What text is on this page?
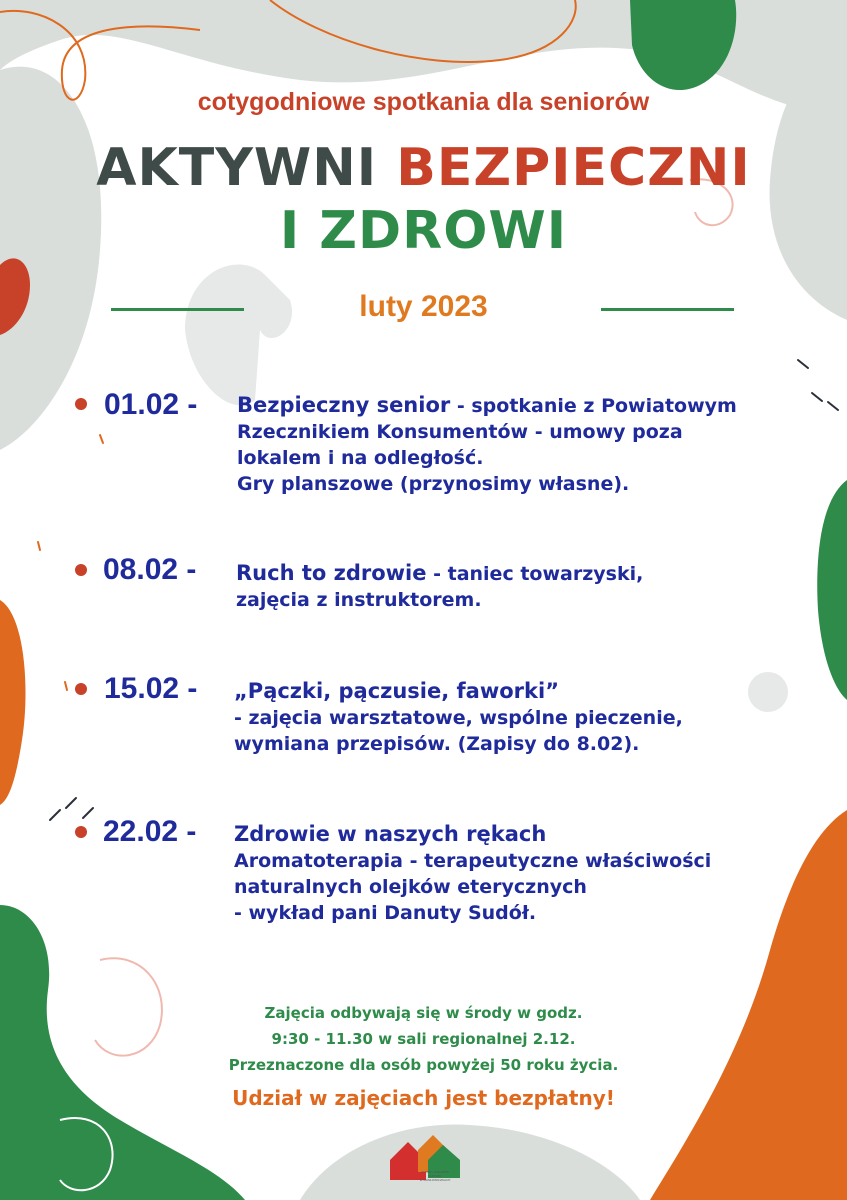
cotygodniowe spotkania dla seniorów
AKTYWNI BEZPIECZNI
I ZDROWI
luty 2023
01.02 - Bezpieczny senior - spotkanie z Powiatowym
Rzecznikiem Konsumentów - umowy poza
lokalem i na odległość.
Gry planszowe (przynosimy własne).
08.02 - Ruch to zdrowie - taniec towarzyski,
zajęcia z instruktorem.
15.02 - „Pączki, pączusie, faworki”
- zajęcia warsztatowe, wspólne pieczenie,
wymiana przepisów. (Zapisy do 8.02).
22.02 - Zdrowie w naszych rękach
Aromatoterapia - terapeutyczne właściwości
naturalnych olejków eterycznych
- wykład pani Danuty Sudół.
Zajęcia odbywają się w środy w godz.
9:30 - 11.30 w sali regionalnej 2.12.
Przeznaczone dla osób powyżej 50 roku życia.
Udział w zajęciach jest bezpłatny!
GMINNY OŚRODEK KULTURY
W PAWŁOWICZKACH
